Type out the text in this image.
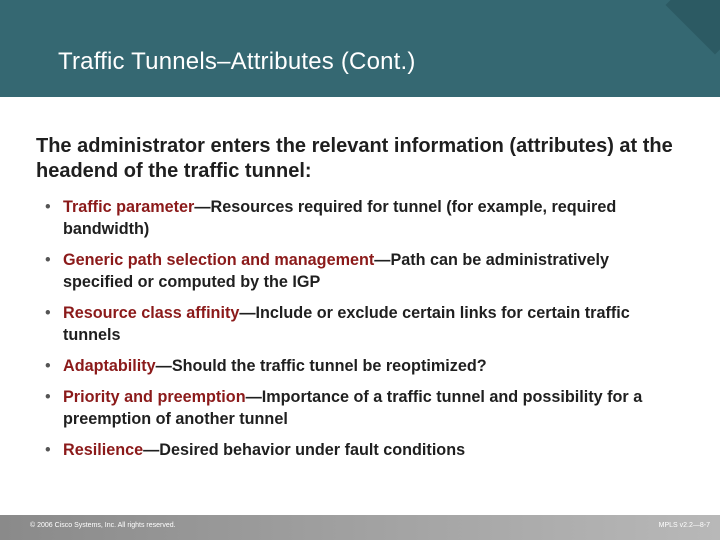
Traffic Tunnels–Attributes (Cont.)
The administrator enters the relevant information (attributes) at the headend of the traffic tunnel:
• Traffic parameter—Resources required for tunnel (for example, required bandwidth)
• Generic path selection and management—Path can be administratively specified or computed by the IGP
• Resource class affinity—Include or exclude certain links for certain traffic tunnels
• Adaptability—Should the traffic tunnel be reoptimized?
• Priority and preemption—Importance of a traffic tunnel and possibility for a preemption of another tunnel
• Resilience—Desired behavior under fault conditions
© 2006 Cisco Systems, Inc. All rights reserved.	MPLS v2.2—8-7
